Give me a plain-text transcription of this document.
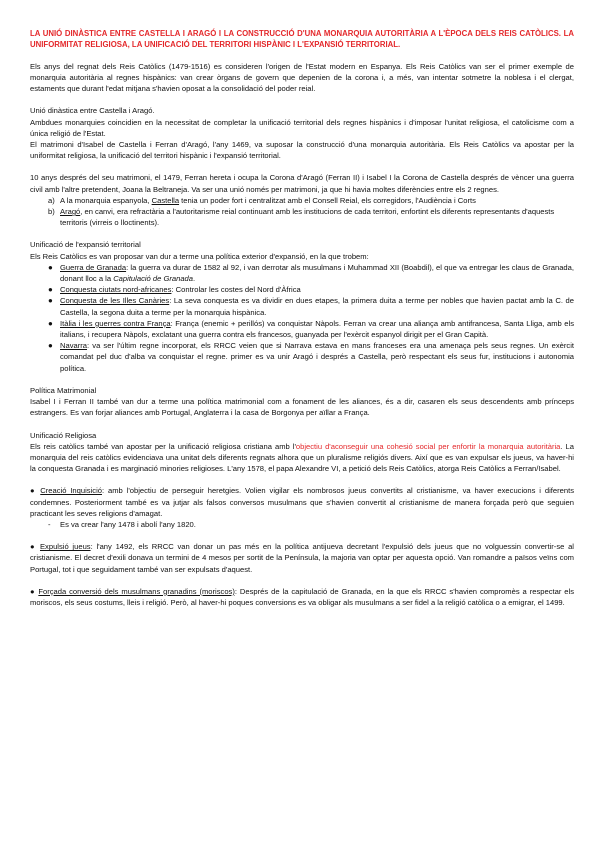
LA UNIÓ DINÀSTICA ENTRE CASTELLA I ARAGÓ I LA CONSTRUCCIÓ D'UNA MONARQUIA AUTORITÀRIA A L'ÈPOCA DELS REIS CATÒLICS. LA UNIFORMITAT RELIGIOSA, LA UNIFICACIÓ DEL TERRITORI HISPÀNIC I L'EXPANSIÓ TERRITORIAL.

Els anys del regnat dels Reis Catòlics (1479-1516) es consideren l'origen de l'Estat modern en Espanya. Els Reis Catòlics van ser el primer exemple de monarquia autoritària al regnes hispànics: van crear òrgans de govern que depenien de la corona i, a més, van intentar sotmetre la noblesa i el clergat, estaments que durant l'edat mitjana s'havien oposat a la consolidació del poder reial.

Unió dinàstica entre Castella i Aragó.

Ambdues monarquies coincidien en la necessitat de completar la unificació territorial dels regnes hispànics i d'imposar l'unitat religiosa, el catolicisme com a única religió de l'Estat.

El matrimoni d'Isabel de Castella i Ferran d'Aragó, l'any 1469, va suposar la construcció d'una monarquia autoritària. Els Reis Catòlics va apostar per la uniformitat religiosa, la unificació del territori hispànic i l'expansió territorial.

10 anys després del seu matrimoni, el 1479, Ferran hereta i ocupa la Corona d'Aragó (Ferran II) i Isabel I la Corona de Castella després de vèncer una guerra civil amb l'altre pretendent, Joana la Beltraneja. Va ser una unió només per matrimoni, ja que hi havia moltes diferències entre els 2 regnes.

a) A la monarquia espanyola, Castella tenia un poder fort i centralitzat amb el Consell Reial, els corregidors, l'Audiència i Corts
b) Aragó, en canvi, era refractària a l'autoritarisme reial continuant amb les institucions de cada territori, enfortint els diferents representants d'aquests territoris (virreis o lloctinents).

Unificació de l'expansió territorial

Els Reis Catòlics es van proposar van dur a terme una política exterior d'expansió, en la que trobem:

● Guerra de Granada: la guerra va durar de 1582 al 92, i van derrotar als musulmans i Muhammad XII (Boabdil), el que va entregar les claus de Granada, donant lloc a la Capitulació de Granada.
● Conquesta ciutats nord-africanes: Controlar les costes del Nord d'Àfrica
● Conquesta de les Illes Canàries: La seva conquesta es va dividir en dues etapes, la primera duita a terme per nobles que havien pactat amb la C. de Castella, la segona duita a terme per la monarquia hispànica.
● Itàlia i les guerres contra França: França (enemic + perillós) va conquistar Nàpols. Ferran va crear una aliança amb antifrancesa, Santa Lliga, amb els italians, i recupera Nàpols, exclatant una guerra contra els francesos, guanyada per l'exèrcit espanyol dirigit per el Gran Capità.
● Navarra: va ser l'últim regne incorporat, els RRCC veien que si Narrava estava en mans franceses era una amenaça pels seus regnes. Un exèrcit comandat pel duc d'alba va conquistar el regne. primer es va unir Aragó i després a Castella, però respectant els seus fur, institucions i autonomia política.

Política Matrimonial

Isabel I i Ferran II també van dur a terme una política matrimonial com a fonament de les aliances, és a dir, casaren els seus descendents amb prínceps estrangers. Es van forjar aliances amb Portugal, Anglaterra i la casa de Borgonya per aïllar a França.

Unificació Religiosa

Els reis catòlics també van apostar per la unificació religiosa cristiana amb l'objectiu d'aconseguir una cohesió social per enfortir la monarquia autoritària. La monarquia del reis catòlics evidenciava una unitat dels diferents regnats alhora que un pluralisme religiós divers. Així que es van expulsar els jueus, va haver-hi la conquesta Granada i es marginació minories religioses. L'any 1578, el papa Alexandre VI, a petició dels Reis Catòlics, atorga Reis Catòlics a Ferran/Isabel.

● Creació Inquisició: amb l'objectiu de perseguir heretgies. Volien vigilar els nombrosos jueus convertits al cristianisme, va haver execucions i diferents condemnes. Posteriorment també es va jutjar als falsos conversos musulmans que s'havien convertit al cristianisme de manera forçada però que seguien practicant les seves religions d'amagat.

- Es va crear l'any 1478 i abolí l'any 1820.

● Expulsió jueus: l'any 1492, els RRCC van donar un pas més en la política antijueva decretant l'expulsió dels jueus que no volguessin convertir-se al cristianisme. El decret d'exili donava un termini de 4 mesos per sortit de la Península, la majoria van optar per aquesta opció. Van romandre a països veïns com Portugal, tot i que seguidament també van ser expulsats d'aquest.

● Forçada conversió dels musulmans granadins (moriscos): Després de la capitulació de Granada, en la que els RRCC s'havien compromès a respectar els moriscos, els seus costums, lleis i religió. Però, al haver-hi poques conversions es va obligar als musulmans a ser fidel a la religió catòlica o a emigrar, el 1499.
